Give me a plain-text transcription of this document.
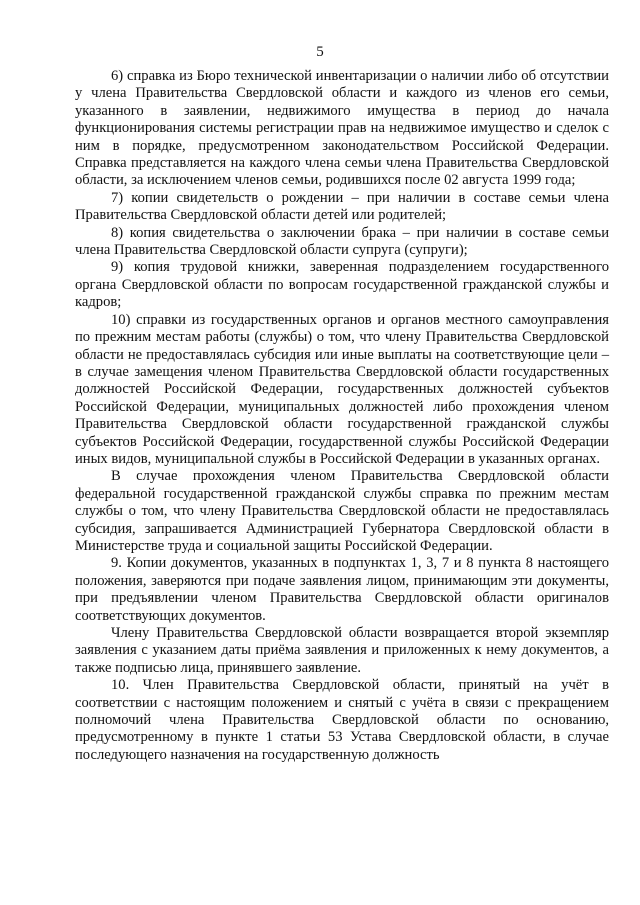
5

6) справка из Бюро технической инвентаризации о наличии либо об отсутствии у члена Правительства Свердловской области и каждого из членов его семьи, указанного в заявлении, недвижимого имущества в период до начала функционирования системы регистрации прав на недвижимое имущество и сделок с ним в порядке, предусмотренном законодательством Российской Федерации. Справка представляется на каждого члена семьи члена Правительства Свердловской области, за исключением членов семьи, родившихся после 02 августа 1999 года;

7) копии свидетельств о рождении – при наличии в составе семьи члена Правительства Свердловской области детей или родителей;

8) копия свидетельства о заключении брака – при наличии в составе семьи члена Правительства Свердловской области супруга (супруги);

9) копия трудовой книжки, заверенная подразделением государственного органа Свердловской области по вопросам государственной гражданской службы и кадров;

10) справки из государственных органов и органов местного самоуправления по прежним местам работы (службы) о том, что члену Правительства Свердловской области не предоставлялась субсидия или иные выплаты на соответствующие цели – в случае замещения членом Правительства Свердловской области государственных должностей Российской Федерации, государственных должностей субъектов Российской Федерации, муниципальных должностей либо прохождения членом Правительства Свердловской области государственной гражданской службы субъектов Российской Федерации, государственной службы Российской Федерации иных видов, муниципальной службы в Российской Федерации в указанных органах.

В случае прохождения членом Правительства Свердловской области федеральной государственной гражданской службы справка по прежним местам службы о том, что члену Правительства Свердловской области не предоставлялась субсидия, запрашивается Администрацией Губернатора Свердловской области в Министерстве труда и социальной защиты Российской Федерации.

9. Копии документов, указанных в подпунктах 1, 3, 7 и 8 пункта 8 настоящего положения, заверяются при подаче заявления лицом, принимающим эти документы, при предъявлении членом Правительства Свердловской области оригиналов соответствующих документов.

Члену Правительства Свердловской области возвращается второй экземпляр заявления с указанием даты приёма заявления и приложенных к нему документов, а также подписью лица, принявшего заявление.

10. Член Правительства Свердловской области, принятый на учёт в соответствии с настоящим положением и снятый с учёта в связи с прекращением полномочий члена Правительства Свердловской области по основанию, предусмотренному в пункте 1 статьи 53 Устава Свердловской области, в случае последующего назначения на государственную должность
